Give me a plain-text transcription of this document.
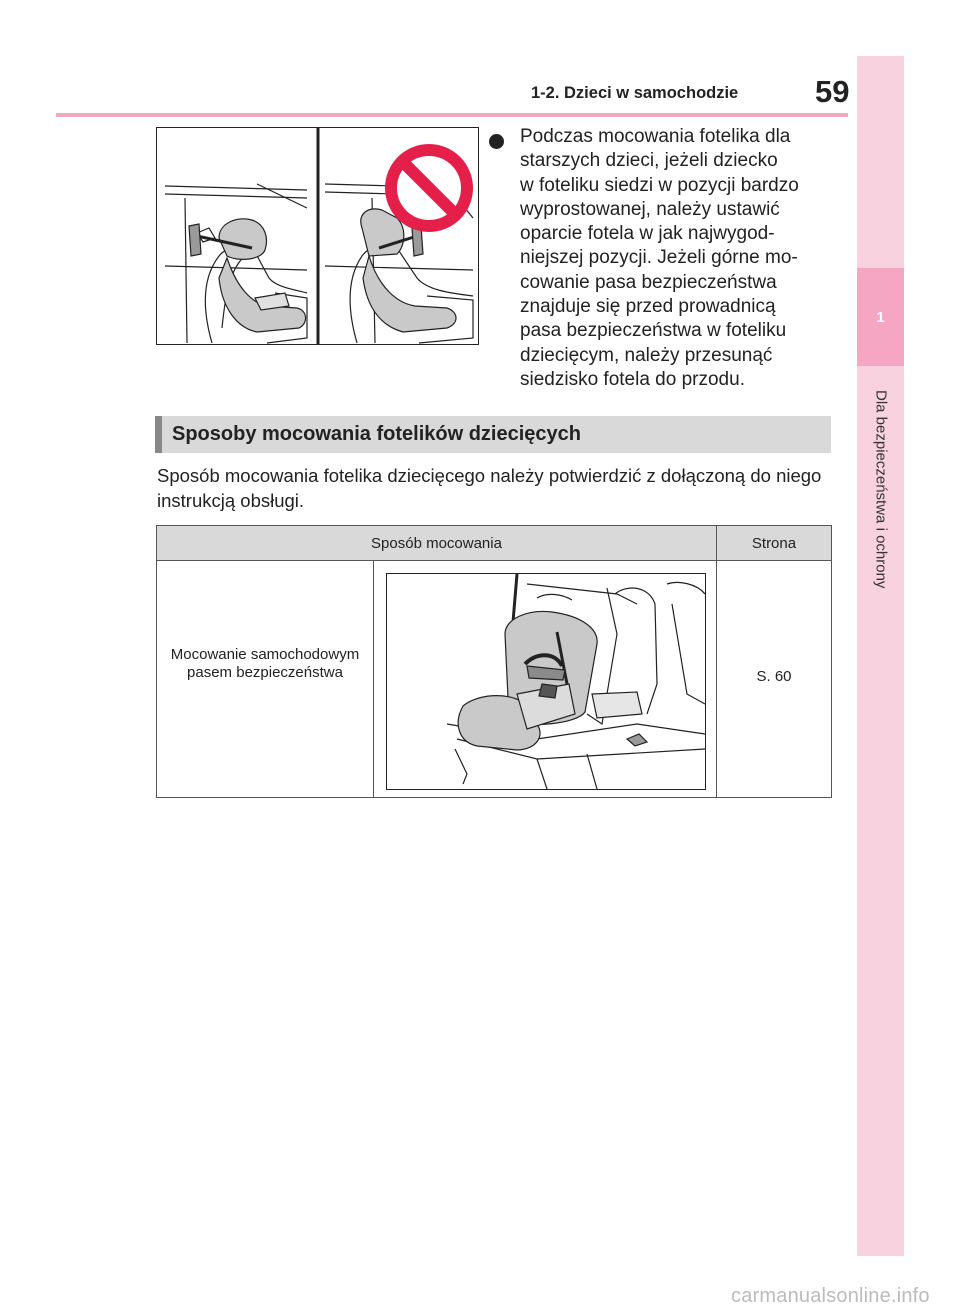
1-2. Dzieci w samochodzie 59
1
Dla bezpieczeństwa i ochrony
Podczas mocowania fotelika dla
starszych dzieci, jeżeli dziecko
w foteliku siedzi w pozycji bardzo
wyprostowanej, należy ustawić
oparcie fotela w jak najwygod-
niejszej pozycji. Jeżeli górne mo-
cowanie pasa bezpieczeństwa
znajduje się przed prowadnicą
pasa bezpieczeństwa w foteliku
dziecięcym, należy przesunąć
siedzisko fotela do przodu.
Sposoby mocowania fotelików dziecięcych
Sposób mocowania fotelika dziecięcego należy potwierdzić z dołączoną do niego instrukcją obsługi.
Sposób mocowania	Strona
Mocowanie samochodowym pasem bezpieczeństwa	S. 60
carmanualsonline.info
